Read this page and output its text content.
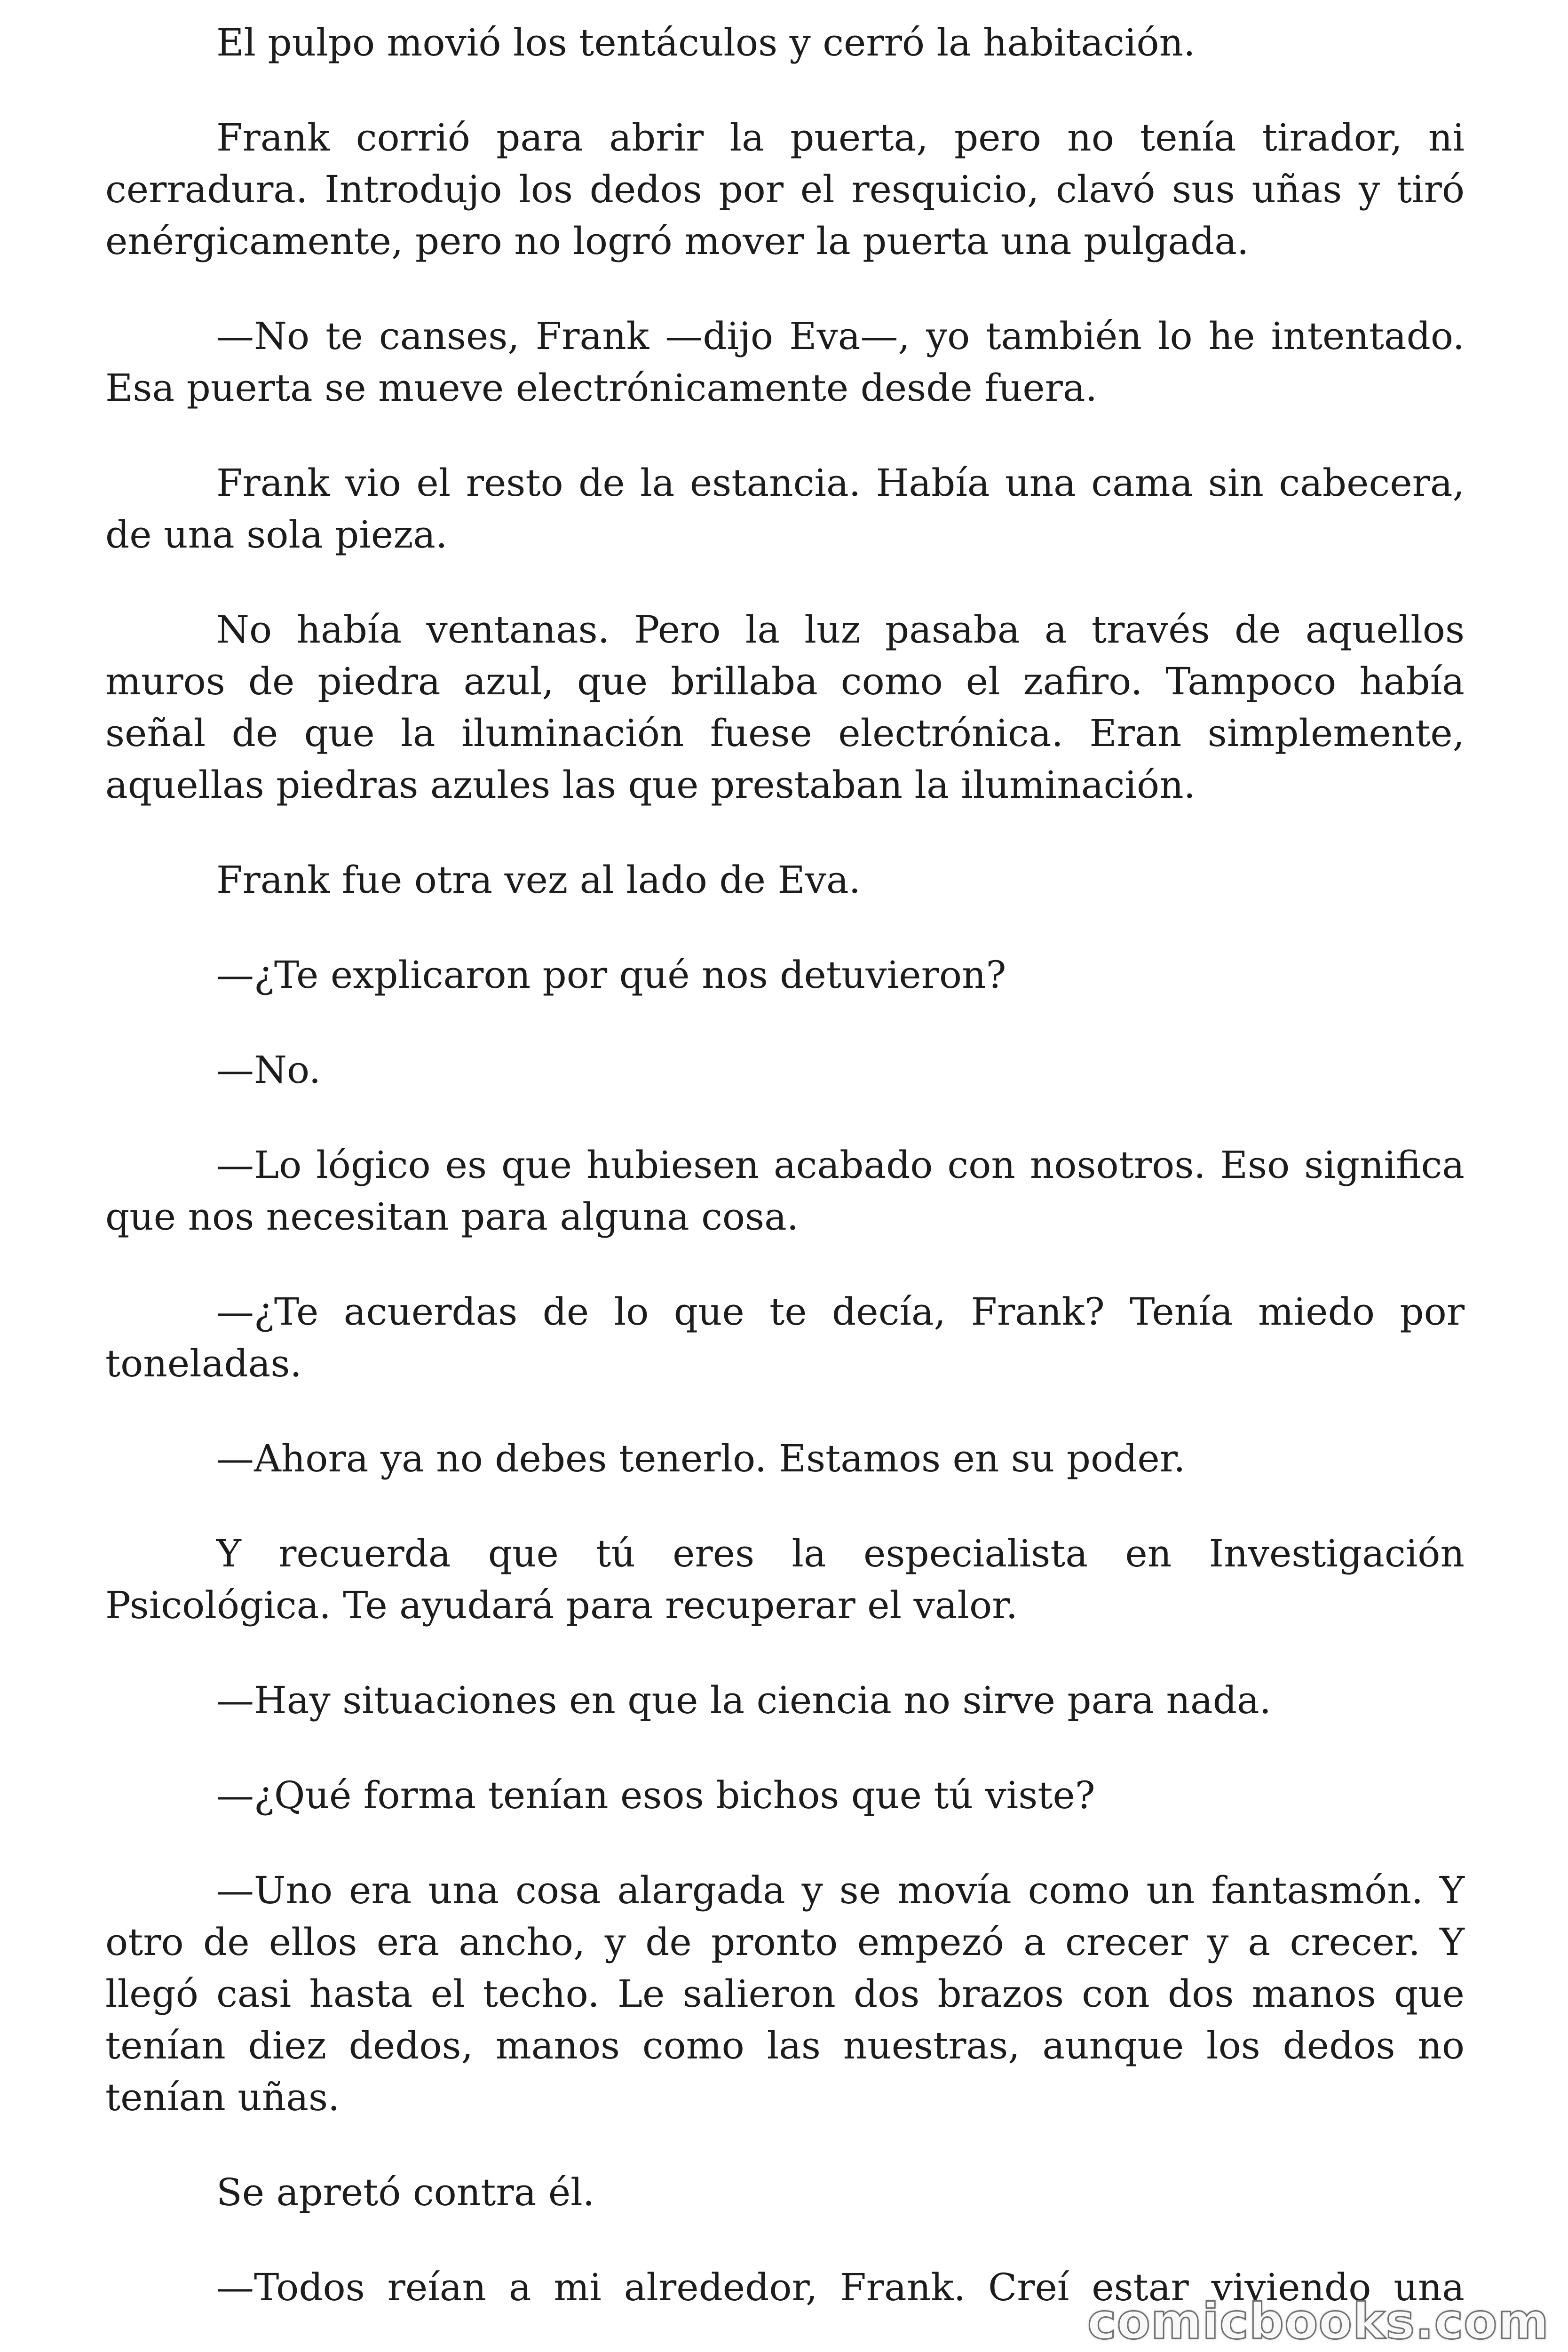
El pulpo movió los tentáculos y cerró la habitación.

Frank corrió para abrir la puerta, pero no tenía tirador, ni cerradura. Introdujo los dedos por el resquicio, clavó sus uñas y tiró enérgicamente, pero no logró mover la puerta una pulgada.

—No te canses, Frank —dijo Eva—, yo también lo he intentado. Esa puerta se mueve electrónicamente desde fuera.

Frank vio el resto de la estancia. Había una cama sin cabecera, de una sola pieza.

No había ventanas. Pero la luz pasaba a través de aquellos muros de piedra azul, que brillaba como el zafiro. Tampoco había señal de que la iluminación fuese electrónica. Eran simplemente, aquellas piedras azules las que prestaban la iluminación.

Frank fue otra vez al lado de Eva.

—¿Te explicaron por qué nos detuvieron?

—No.

—Lo lógico es que hubiesen acabado con nosotros. Eso significa que nos necesitan para alguna cosa.

—¿Te acuerdas de lo que te decía, Frank? Tenía miedo por toneladas.

—Ahora ya no debes tenerlo. Estamos en su poder.

Y recuerda que tú eres la especialista en Investigación Psicológica. Te ayudará para recuperar el valor.

—Hay situaciones en que la ciencia no sirve para nada.

—¿Qué forma tenían esos bichos que tú viste?

—Uno era una cosa alargada y se movía como un fantasmón. Y otro de ellos era ancho, y de pronto empezó a crecer y a crecer. Y llegó casi hasta el techo. Le salieron dos brazos con dos manos que tenían diez dedos, manos como las nuestras, aunque los dedos no tenían uñas.

Se apretó contra él.

—Todos reían a mi alrededor, Frank. Creí estar viviendo una

comicbooks.com
